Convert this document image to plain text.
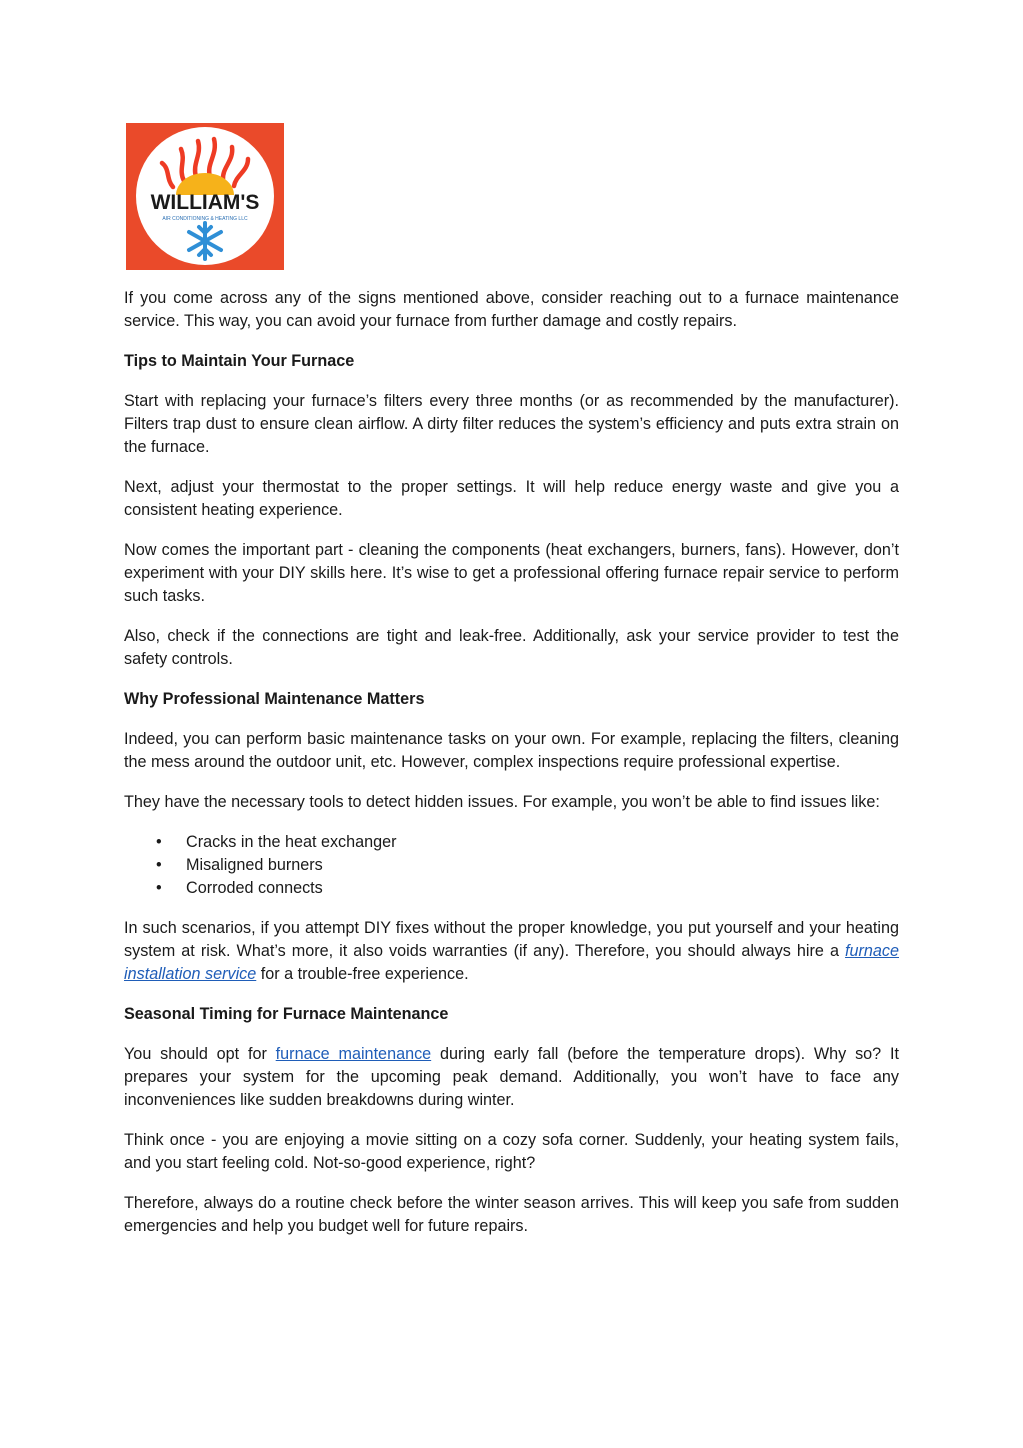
WILLIAM'S
AIR CONDITIONING & HEATING LLC

If you come across any of the signs mentioned above, consider reaching out to a furnace maintenance service. This way, you can avoid your furnace from further damage and costly repairs.

Tips to Maintain Your Furnace

Start with replacing your furnace’s filters every three months (or as recommended by the manufacturer). Filters trap dust to ensure clean airflow. A dirty filter reduces the system’s efficiency and puts extra strain on the furnace.

Next, adjust your thermostat to the proper settings. It will help reduce energy waste and give you a consistent heating experience.

Now comes the important part - cleaning the components (heat exchangers, burners, fans). However, don’t experiment with your DIY skills here. It’s wise to get a professional offering furnace repair service to perform such tasks.

Also, check if the connections are tight and leak-free. Additionally, ask your service provider to test the safety controls.

Why Professional Maintenance Matters

Indeed, you can perform basic maintenance tasks on your own. For example, replacing the filters, cleaning the mess around the outdoor unit, etc. However, complex inspections require professional expertise.

They have the necessary tools to detect hidden issues. For example, you won’t be able to find issues like:

• Cracks in the heat exchanger
• Misaligned burners
• Corroded connects

In such scenarios, if you attempt DIY fixes without the proper knowledge, you put yourself and your heating system at risk. What’s more, it also voids warranties (if any). Therefore, you should always hire a furnace installation service for a trouble-free experience.

Seasonal Timing for Furnace Maintenance

You should opt for furnace maintenance during early fall (before the temperature drops). Why so? It prepares your system for the upcoming peak demand. Additionally, you won’t have to face any inconveniences like sudden breakdowns during winter.

Think once - you are enjoying a movie sitting on a cozy sofa corner. Suddenly, your heating system fails, and you start feeling cold. Not-so-good experience, right?

Therefore, always do a routine check before the winter season arrives. This will keep you safe from sudden emergencies and help you budget well for future repairs.
